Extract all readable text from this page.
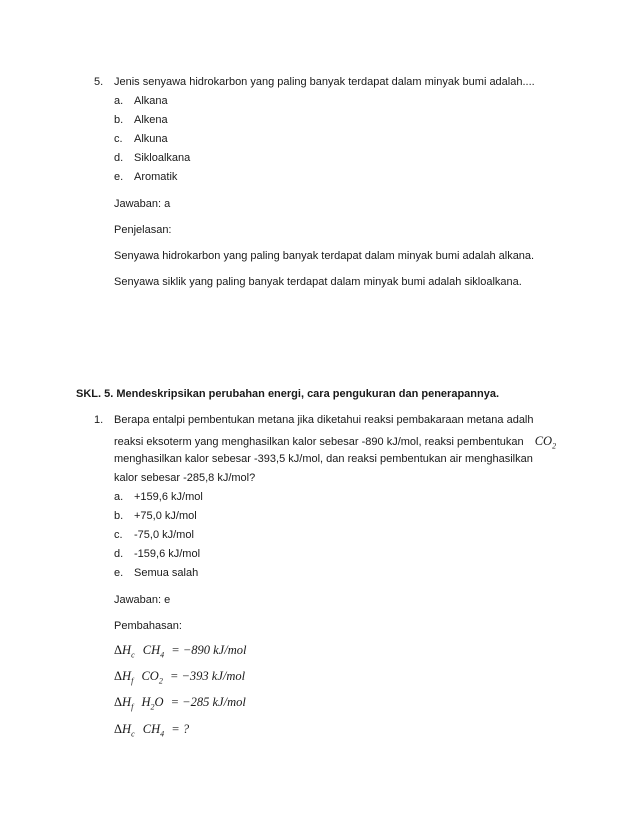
5. Jenis senyawa hidrokarbon yang paling banyak terdapat dalam minyak bumi adalah....
a. Alkana
b. Alkena
c. Alkuna
d. Sikloalkana
e. Aromatik
Jawaban: a
Penjelasan:
Senyawa hidrokarbon yang paling banyak terdapat dalam minyak bumi adalah alkana.
Senyawa siklik yang paling banyak terdapat dalam minyak bumi adalah sikloalkana.
SKL. 5. Mendeskripsikan perubahan energi, cara pengukuran dan penerapannya.
1. Berapa entalpi pembentukan metana jika diketahui reaksi pembakaraan metana adalh
reaksi eksoterm yang menghasilkan kalor sebesar -890 kJ/mol, reaksi pembentukan $CO_2$
menghasilkan kalor sebesar -393,5 kJ/mol, dan reaksi pembentukan air menghasilkan
kalor sebesar -285,8 kJ/mol?
a. +159,6 kJ/mol
b. +75,0 kJ/mol
c. -75,0 kJ/mol
d. -159,6 kJ/mol
e. Semua salah
Jawaban: e
Pembahasan:
$\Delta H_c$ $CH_4 = -890$ kJ/mol
$\Delta H_f$ $CO_2 = -393$ kJ/mol
$\Delta H_f$ $H_2O = -285$ kJ/mol
$\Delta H_c$ $CH_4$ = ?
